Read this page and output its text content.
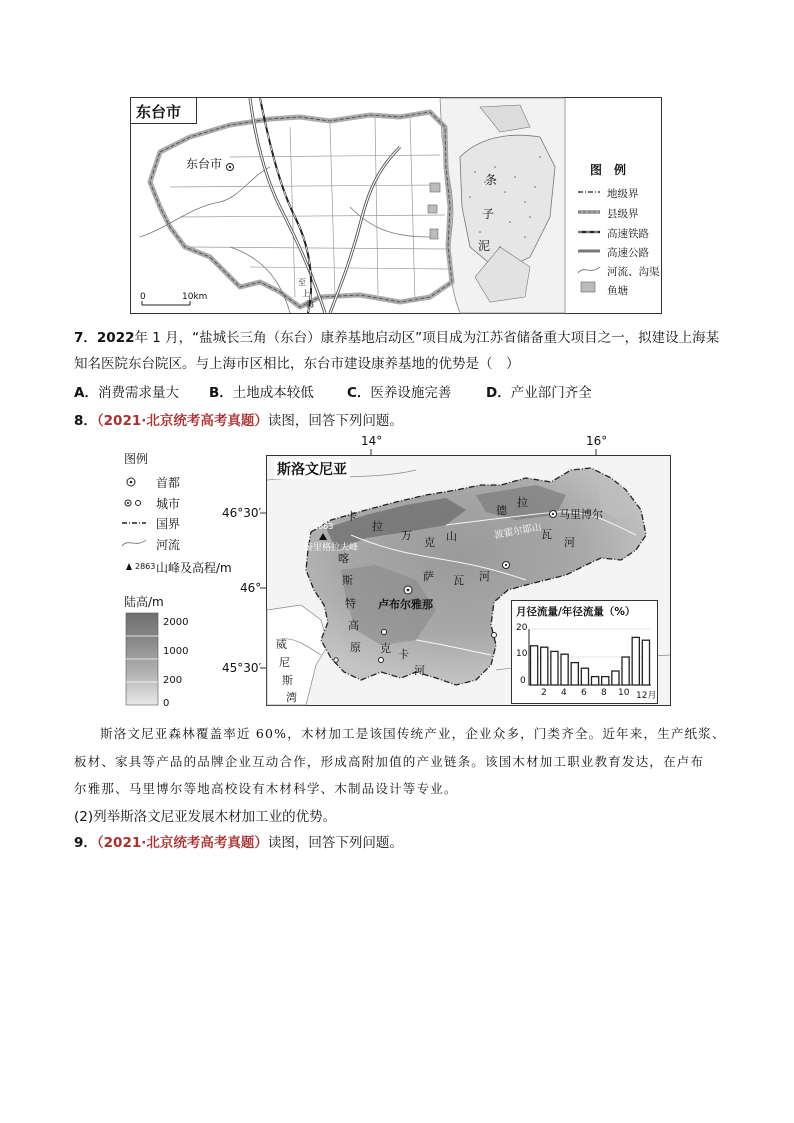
东台市
东台市
条
子
泥
至
上
海
0	10km
图　例
地级界
县级界
高速铁路
高速公路
河流、沟渠
鱼塘
7．2022年 1 月，“盐城长三角（东台）康养基地启动区”项目成为江苏省储备重大项目之一，拟建设上海某
知名医院东台院区。与上海市区相比，东台市建设康养基地的优势是（　）
A．消费需求量大 B．土地成本较低 C．医养设施完善	D．产业部门齐全
8．（2021·北京统考高考真题）读图，回答下列问题。
14°	16°
46°30′
46°
45°30′
斯洛文尼亚
图例
首都
城市
国界
河流
2863 山峰及高程/m
陆高/m
2000
1000
200
0
2863
特里格拉夫峰
卢布尔雅那
马里博尔
卡
拉
万
克 山	波霍尔耶山
萨 瓦 河
德
拉
瓦
河
克 卡
河
喀
斯
特
高
原
威
尼
斯
湾
月径流量/年径流量（%）
20
10
0
2 4 6 8 10 12月
斯洛文尼亚森林覆盖率近 60%，木材加工是该国传统产业，企业众多，门类齐全。近年来，生产纸浆、
板材、家具等产品的品牌企业互动合作，形成高附加值的产业链条。该国木材加工职业教育发达，在卢布
尔雅那、马里博尔等地高校设有木材科学、木制品设计等专业。
(2)列举斯洛文尼亚发展木材加工业的优势。
9．（2021·北京统考高考真题）读图，回答下列问题。
